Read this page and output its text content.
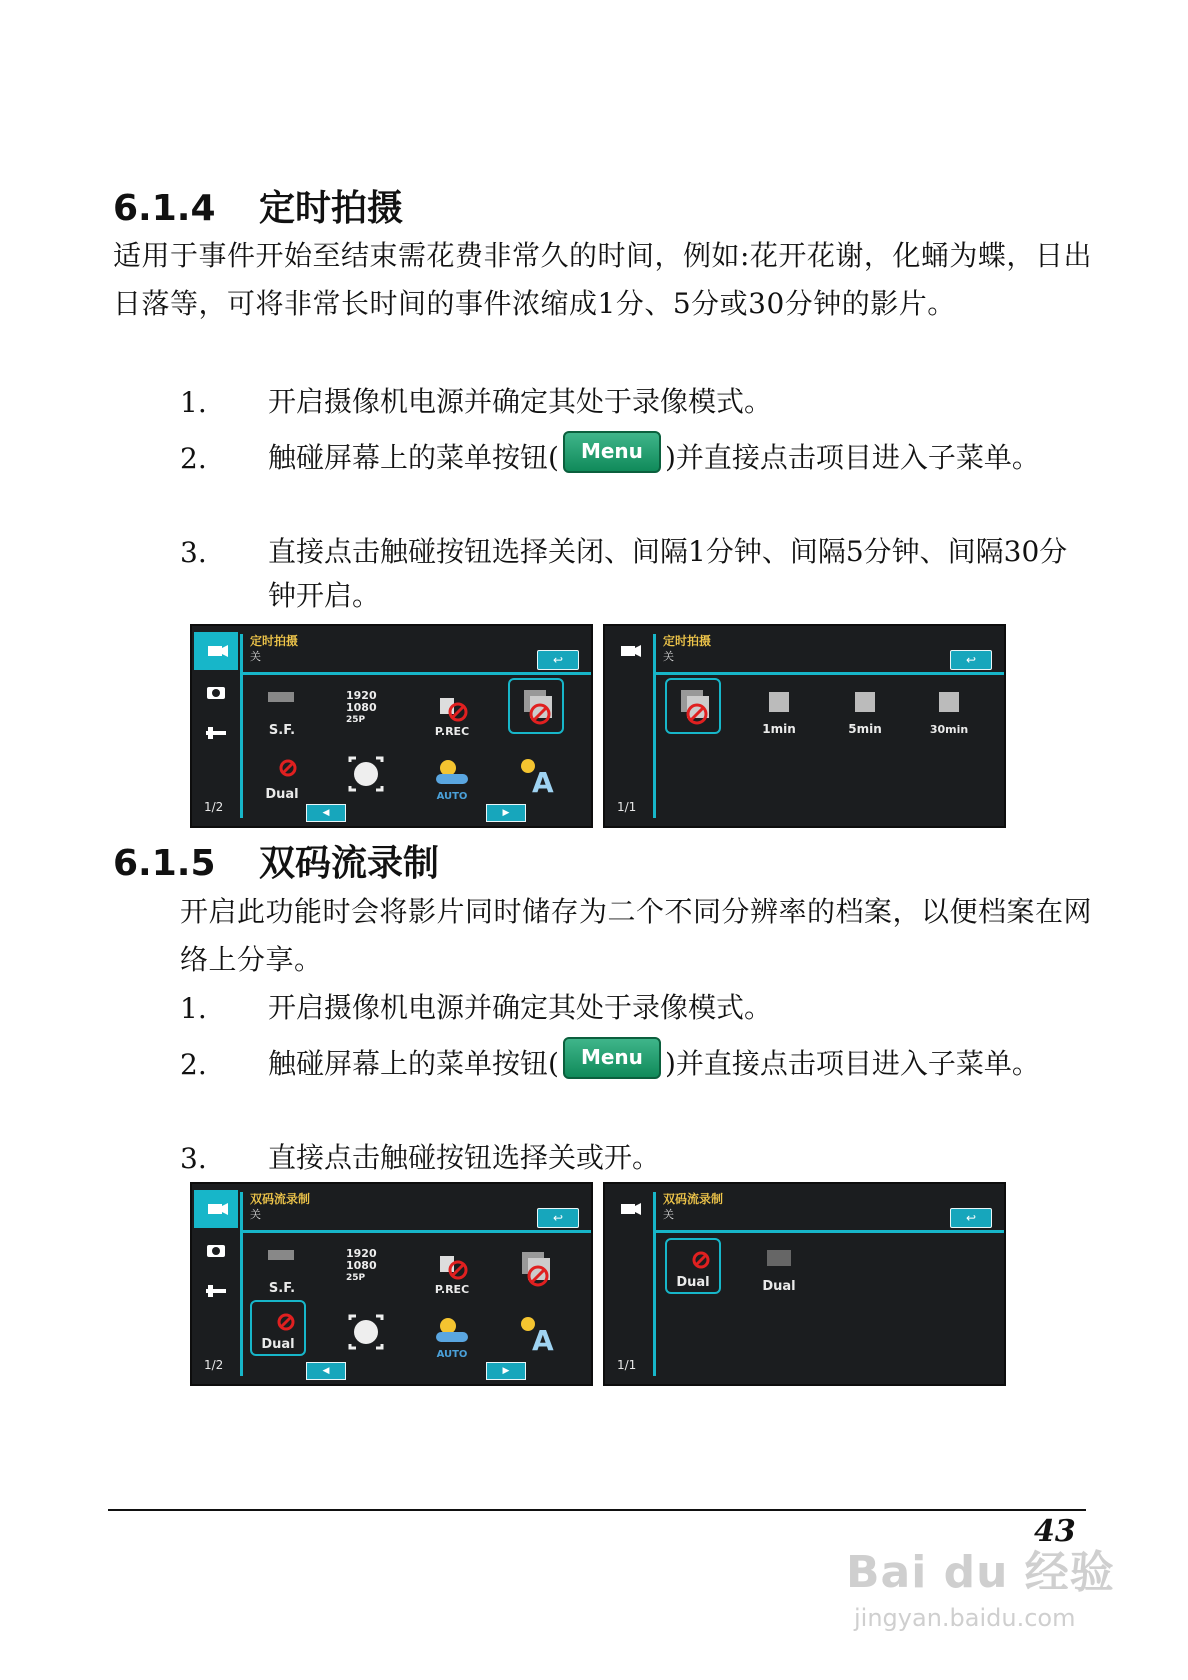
6.1.4 定时拍摄
适用于事件开始至结束需花费非常久的时间，例如:花开花谢，化蛹为蝶，日出日落等，可将非常长时间的事件浓缩成1分、5分或30分钟的影片。
1. 开启摄像机电源并确定其处于录像模式。
2. 触碰屏幕上的菜单按钮( Menu )并直接点击项目进入子菜单。
3. 直接点击触碰按钮选择关闭、间隔1分钟、间隔5分钟、间隔30分钟开启。
定时拍摄
关	↩
S.F.
1920
1080
25P
P.REC
Dual	AUTO	A
1/2	◀	▶
定时拍摄
关	↩
1min	5min	30min
1/1
6.1.5 双码流录制
开启此功能时会将影片同时储存为二个不同分辨率的档案，以便档案在网络上分享。
1. 开启摄像机电源并确定其处于录像模式。
2. 触碰屏幕上的菜单按钮( Menu )并直接点击项目进入子菜单。
3. 直接点击触碰按钮选择关或开。
双码流录制
关	↩
S.F.
1920
1080
25P
P.REC
Dual
AUTO	A
1/2	◀	▶
双码流录制
关	↩
Dual	Dual
1/1
43
Bai du 经验
jingyan.baidu.com
